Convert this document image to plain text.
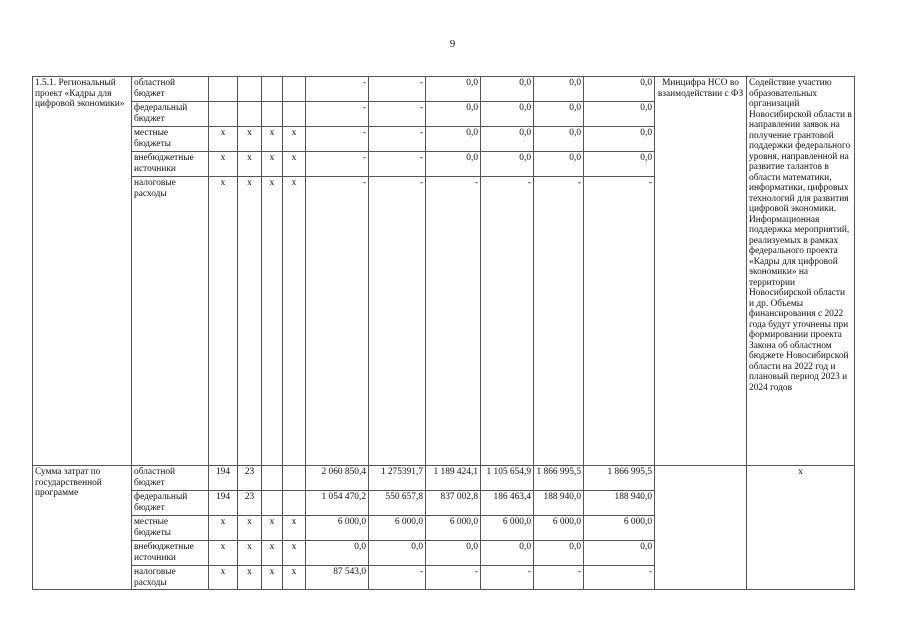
9
1.5.1. Региональный проект «Кадры для цифровой экономики»	областной бюджет					-	-	0,0	0,0	0,0	0,0	Минцифра НСО во взаимодействии с ФЗ	Содействие участию образовательных организаций Новосибирской области в направлении заявок на получение грантовой поддержки федерального уровня, направленной на развитие талантов в области математики, информатики, цифровых технологий для развития цифровой экономики. Информационная поддержка мероприятий, реализуемых в рамках федерального проекта «Кадры для цифровой экономики» на территории Новосибирской области и др. Объемы финансирования с 2022 года будут уточнены при формировании проекта Закона об областном бюджете Новосибирской области на 2022 год и плановый период 2023 и 2024 годов
	федеральный бюджет					-	-	0,0	0,0	0,0	0,0		
	местные бюджеты	х	х	х	х	-	-	0,0	0,0	0,0	0,0		
	внебюджетные источники	х	х	х	х	-	-	0,0	0,0	0,0	0,0		
	налоговые расходы	х	х	х	х	-	-	-	-	-	-		
Сумма затрат по государственной программе	областной бюджет	194	23			2 060 850,4	1 275391,7	1 189 424,1	1 105 654,9	1 866 995,5	1 866 995,5		х
	федеральный бюджет	194	23			1 054 470,2	550 657,8	837 002,8	186 463,4	188 940,0	188 940,0		
	местные бюджеты	х	х	х	х	6 000,0	6 000,0	6 000,0	6 000,0	6 000,0	6 000,0		
	внебюджетные источники	х	х	х	х	0,0	0,0	0,0	0,0	0,0	0,0		
	налоговые расходы	х	х	х	х	87 543,0	-	-	-	-	-		
